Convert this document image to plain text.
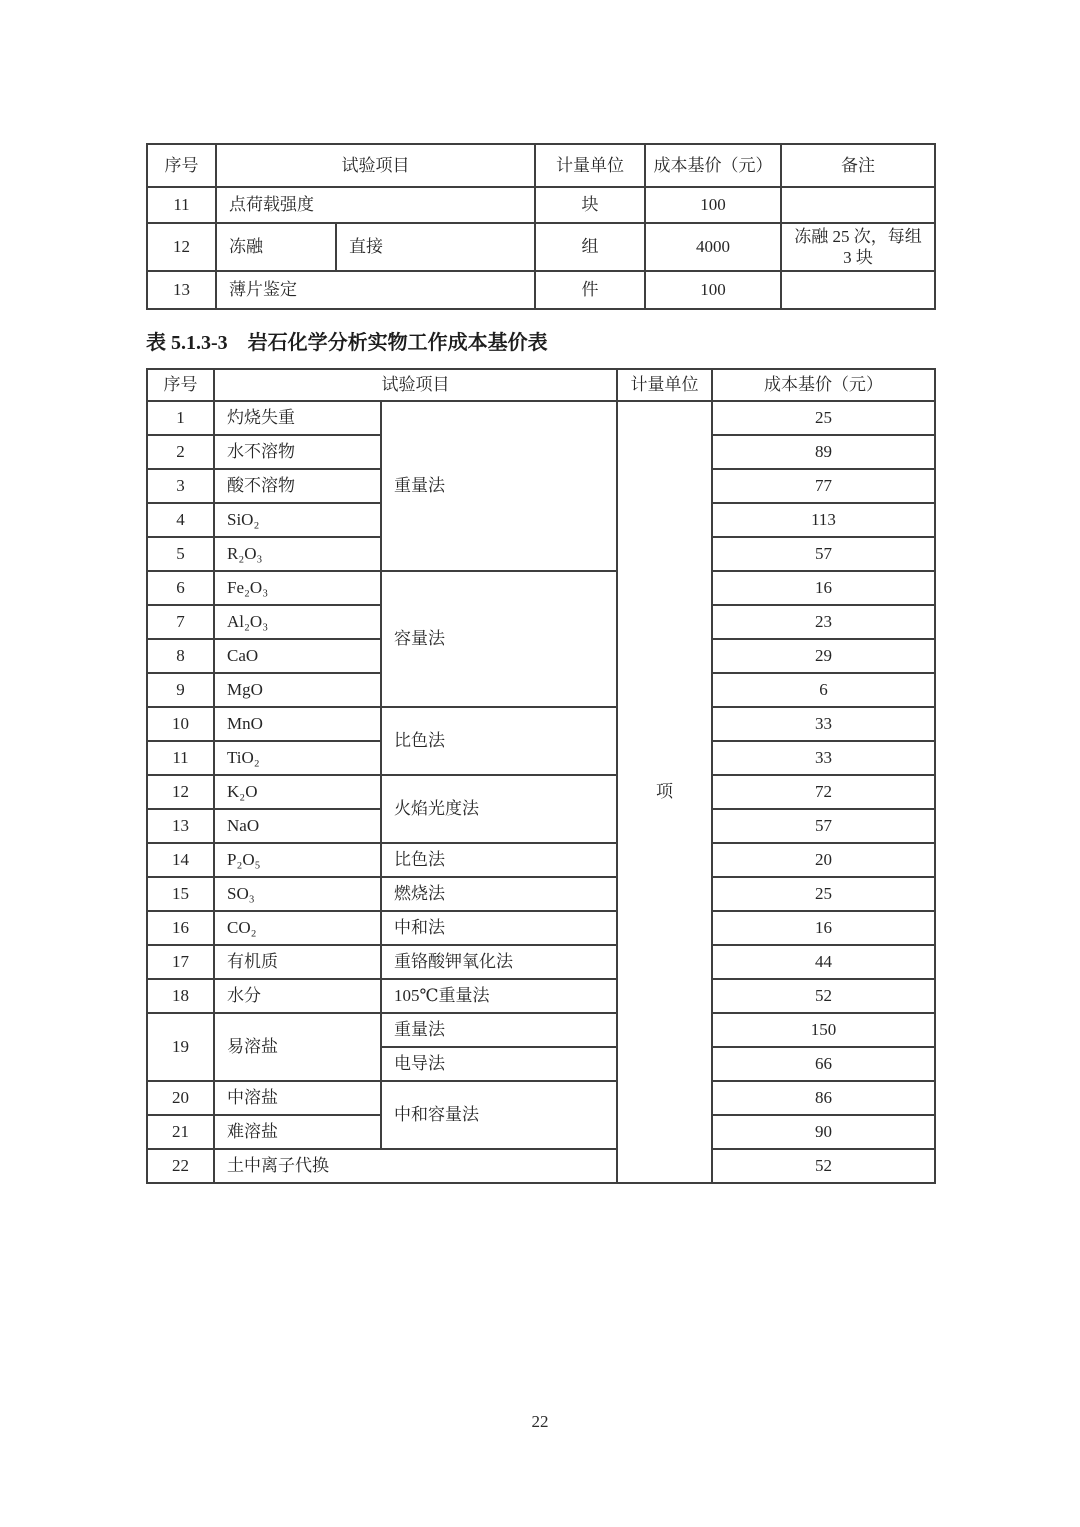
序号	试验项目		计量单位	成本基价（元）	备注
11	点荷载强度		块	100	
12	冻融	直接	组	4000	冻融 25 次，每组 3 块
13	薄片鉴定		件	100	
表 5.1.3-3　岩石化学分析实物工作成本基价表
序号	试验项目		计量单位	成本基价（元）
1	灼烧失重	重量法	项	25
2	水不溶物			89
3	酸不溶物			77
4	SiO₂			113
5	R₂O₃			57
6	Fe₂O₃	容量法		16
7	Al₂O₃			23
8	CaO			29
9	MgO			6
10	MnO	比色法		33
11	TiO₂			33
12	K₂O	火焰光度法		72
13	NaO			57
14	P₂O₅	比色法		20
15	SO₃	燃烧法		25
16	CO₂	中和法		16
17	有机质	重铬酸钾氧化法		44
18	水分	105℃重量法		52
19	易溶盐	重量法		150
		电导法		66
20	中溶盐	中和容量法		86
21	难溶盐			90
22	土中离子代换			52
22
